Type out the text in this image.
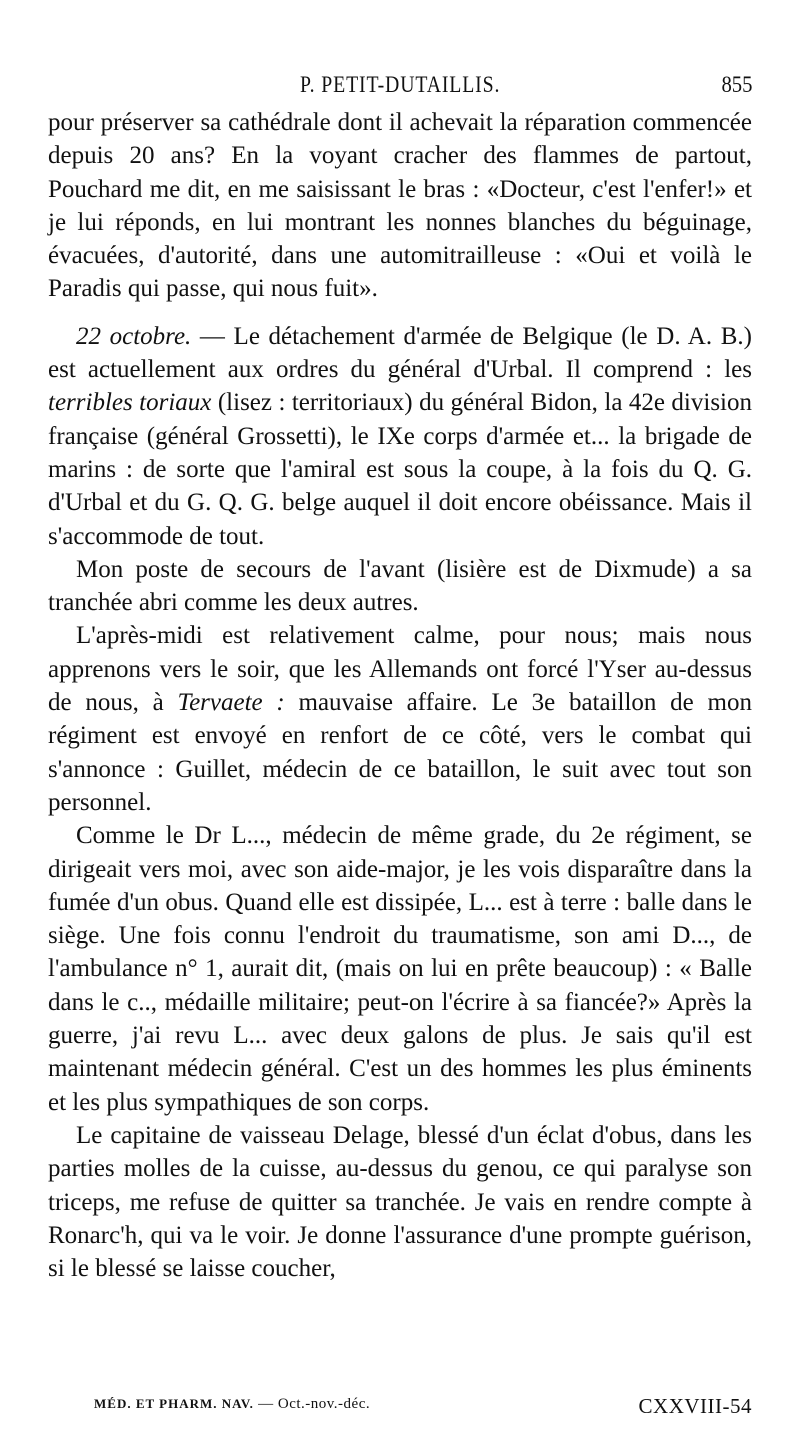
P. PETIT-DUTAILLIS.	855

pour préserver sa cathédrale dont il achevait la réparation commencée depuis 20 ans? En la voyant cracher des flammes de partout, Pouchard me dit, en me saisissant le bras : «Docteur, c'est l'enfer!» et je lui réponds, en lui montrant les nonnes blanches du béguinage, évacuées, d'autorité, dans une automitrailleuse : «Oui et voilà le Paradis qui passe, qui nous fuit».

22 octobre. — Le détachement d'armée de Belgique (le D. A. B.) est actuellement aux ordres du général d'Urbal. Il comprend : les terribles toriaux (lisez : territoriaux) du général Bidon, la 42e division française (général Grossetti), le IXe corps d'armée et... la brigade de marins : de sorte que l'amiral est sous la coupe, à la fois du Q. G. d'Urbal et du G. Q. G. belge auquel il doit encore obéissance. Mais il s'accommode de tout.

Mon poste de secours de l'avant (lisière est de Dixmude) a sa tranchée abri comme les deux autres.

L'après-midi est relativement calme, pour nous; mais nous apprenons vers le soir, que les Allemands ont forcé l'Yser au-dessus de nous, à Tervaete : mauvaise affaire. Le 3e bataillon de mon régiment est envoyé en renfort de ce côté, vers le combat qui s'annonce : Guillet, médecin de ce bataillon, le suit avec tout son personnel.

Comme le Dr L..., médecin de même grade, du 2e régiment, se dirigeait vers moi, avec son aide-major, je les vois disparaître dans la fumée d'un obus. Quand elle est dissipée, L... est à terre : balle dans le siège. Une fois connu l'endroit du traumatisme, son ami D..., de l'ambulance n° 1, aurait dit, (mais on lui en prête beaucoup) : « Balle dans le c.., médaille militaire; peut-on l'écrire à sa fiancée?» Après la guerre, j'ai revu L... avec deux galons de plus. Je sais qu'il est maintenant médecin général. C'est un des hommes les plus éminents et les plus sympathiques de son corps.

Le capitaine de vaisseau Delage, blessé d'un éclat d'obus, dans les parties molles de la cuisse, au-dessus du genou, ce qui paralyse son triceps, me refuse de quitter sa tranchée. Je vais en rendre compte à Ronarc'h, qui va le voir. Je donne l'assurance d'une prompte guérison, si le blessé se laisse coucher,

MÉD. ET PHARM. NAV. — Oct.-nov.-déc.	CXXVIII-54
